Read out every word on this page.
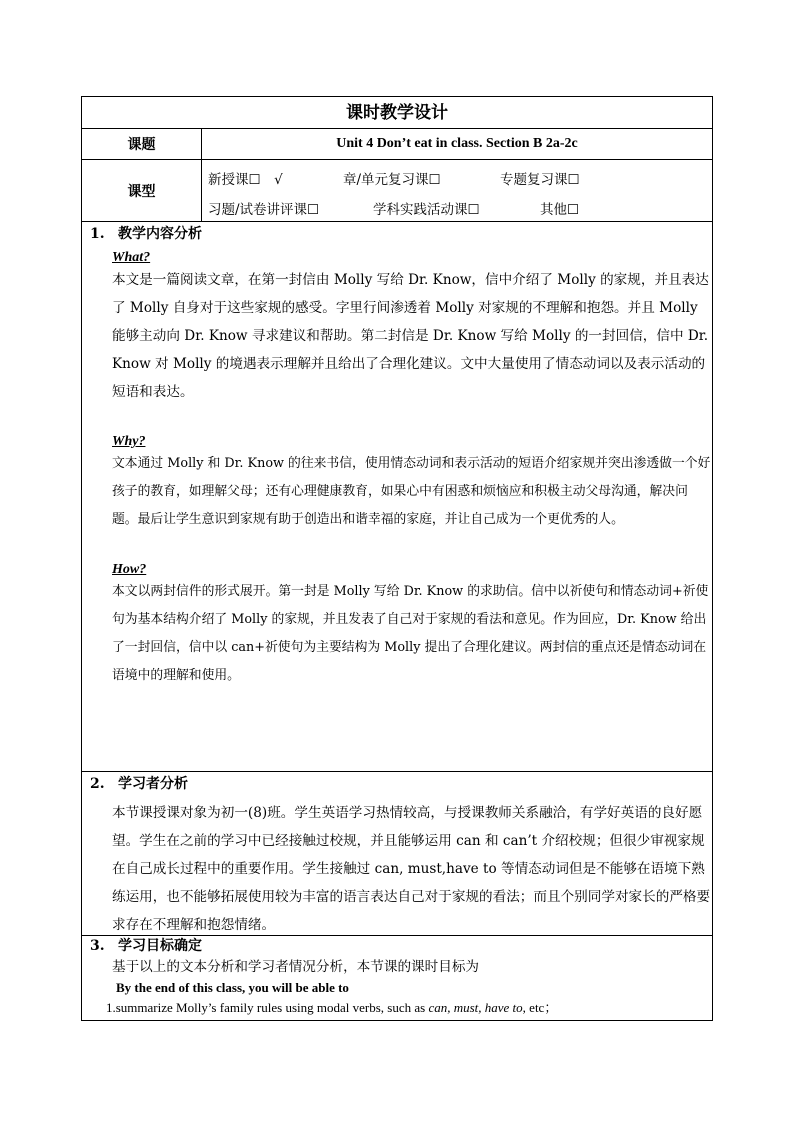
课时教学设计
课题	Unit 4 Don’t eat in class. Section B 2a-2c
课型
新授课☐　√	章/单元复习课☐	专题复习课☐
习题/试卷讲评课☐	学科实践活动课☐	其他☐
1. 教学内容分析
What?
本文是一篇阅读文章，在第一封信由 Molly 写给 Dr. Know，信中介绍了 Molly 的家规，并且表达了 Molly 自身对于这些家规的感受。字里行间渗透着 Molly 对家规的不理解和抱怨。并且 Molly 能够主动向 Dr. Know 寻求建议和帮助。第二封信是 Dr. Know 写给 Molly 的一封回信，信中 Dr. Know 对 Molly 的境遇表示理解并且给出了合理化建议。文中大量使用了情态动词以及表示活动的短语和表达。
Why?
文本通过 Molly 和 Dr. Know 的往来书信，使用情态动词和表示活动的短语介绍家规并突出渗透做一个好孩子的教育，如理解父母；还有心理健康教育，如果心中有困惑和烦恼应和积极主动父母沟通，解决问题。最后让学生意识到家规有助于创造出和谐幸福的家庭，并让自己成为一个更优秀的人。
How?
本文以两封信件的形式展开。第一封是 Molly 写给 Dr. Know 的求助信。信中以祈使句和情态动词+祈使句为基本结构介绍了 Molly 的家规，并且发表了自己对于家规的看法和意见。作为回应，Dr. Know 给出了一封回信，信中以 can+祈使句为主要结构为 Molly 提出了合理化建议。两封信的重点还是情态动词在语境中的理解和使用。
2. 学习者分析
本节课授课对象为初一(8)班。学生英语学习热情较高，与授课教师关系融洽，有学好英语的良好愿望。学生在之前的学习中已经接触过校规，并且能够运用 can 和 can’t 介绍校规；但很少审视家规在自己成长过程中的重要作用。学生接触过 can, must,have to 等情态动词但是不能够在语境下熟练运用，也不能够拓展使用较为丰富的语言表达自己对于家规的看法；而且个别同学对家长的严格要求存在不理解和抱怨情绪。
3. 学习目标确定
基于以上的文本分析和学习者情况分析，本节课的课时目标为
By the end of this class, you will be able to
1.summarize Molly’s family rules using modal verbs, such as can, must, have to, etc；
